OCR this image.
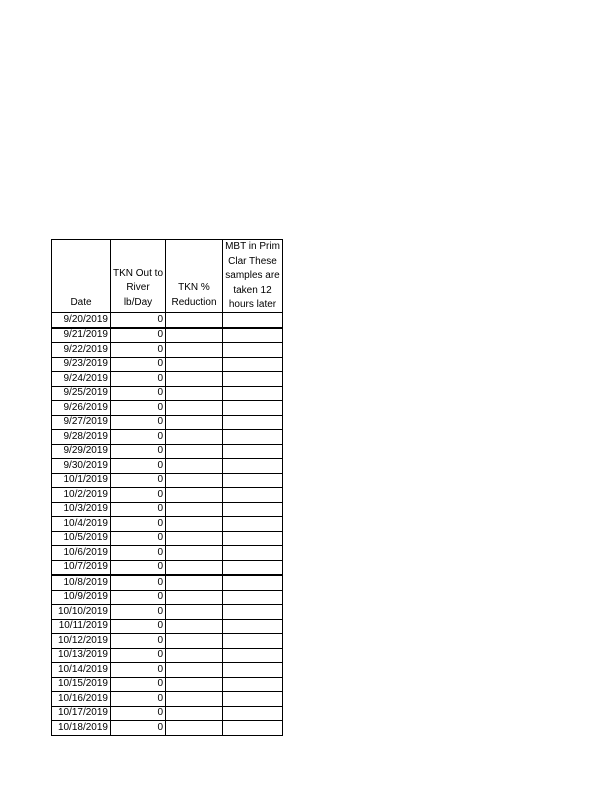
Date	TKN Out to River lb/Day	TKN % Reduction	MBT in Prim Clar These samples are taken 12 hours later

9/20/2019	0		
9/21/2019	0		
9/22/2019	0		
9/23/2019	0		
9/24/2019	0		
9/25/2019	0		
9/26/2019	0		
9/27/2019	0		
9/28/2019	0		
9/29/2019	0		
9/30/2019	0		
10/1/2019	0		
10/2/2019	0		
10/3/2019	0		
10/4/2019	0		
10/5/2019	0		
10/6/2019	0		
10/7/2019	0		
10/8/2019	0		
10/9/2019	0		
10/10/2019	0		
10/11/2019	0		
10/12/2019	0		
10/13/2019	0		
10/14/2019	0		
10/15/2019	0		
10/16/2019	0		
10/17/2019	0		
10/18/2019	0		
